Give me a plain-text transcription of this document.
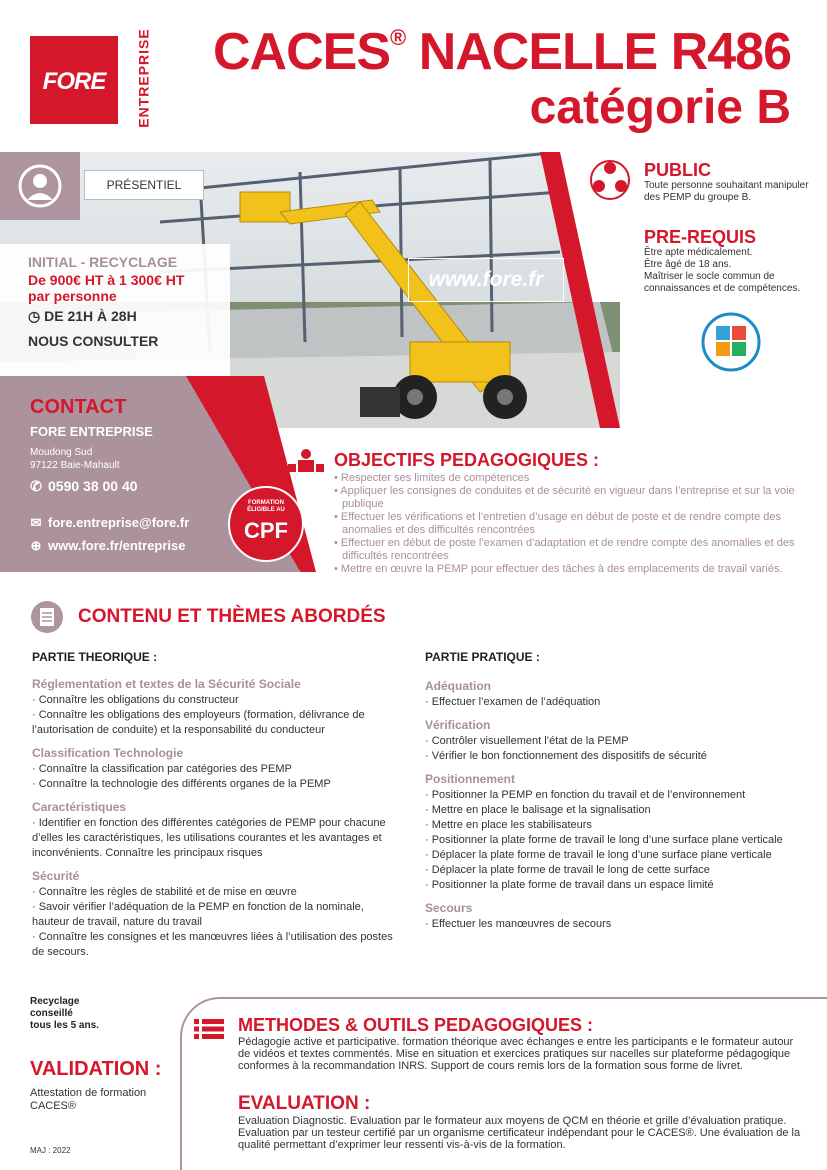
FORE	ENTREPRISE CACES® NACELLE R486
catégorie B
PRÉSENTIEL
INITIAL - RECYCLAGE
De 900€ HT à 1 300€ HT
par personne
◷ DE 21H À 28H
NOUS CONSULTER
www.fore.fr
CONTACT
FORE ENTREPRISE
Moudong Sud
97122 Baie-Mahault
✆ 0590 38 00 40
✉ fore.entreprise@fore.fr
⊕ www.fore.fr/entreprise
FORMATION
ÉLIGIBLE AU
CPF
PUBLIC
Toute personne souhaitant manipuler des PEMP du groupe B.
PRE-REQUIS
Être apte médicalement.
Être âgé de 18 ans.
Maîtriser le socle commun de connaissances et de compétences.
OBJECTIFS PEDAGOGIQUES :
• Respecter ses limites de compétences
• Appliquer les consignes de conduites et de sécurité en vigueur dans l’entreprise et sur la voie publique
• Effectuer les vérifications et l’entretien d’usage en début de poste et de rendre compte des anomalies et des difficultés rencontrées
• Effectuer en début de poste l’examen d’adaptation et de rendre compte des anomalies et des difficultés rencontrées
• Mettre en œuvre la PEMP pour effectuer des tâches à des emplacements de travail variés.
CONTENU ET THÈMES ABORDÉS
PARTIE THEORIQUE :	PARTIE PRATIQUE :
Réglementation et textes de la Sécurité Sociale
· Connaître les obligations du constructeur
· Connaître les obligations des employeurs (formation, délivrance de l’autorisation de conduite) et la responsabilité du conducteur
Classification Technologie
· Connaître la classification par catégories des PEMP
· Connaître la technologie des différents organes de la PEMP
Caractéristiques
· Identifier en fonction des différentes catégories de PEMP pour chacune d’elles les caractéristiques, les utilisations courantes et les avantages et inconvénients. Connaître les principaux risques
Sécurité
· Connaître les règles de stabilité et de mise en œuvre
· Savoir vérifier l’adéquation de la PEMP en fonction de la nominale, hauteur de travail, nature du travail
· Connaître les consignes et les manœuvres liées à l’utilisation des postes de secours.
Adéquation
· Effectuer l’examen de l’adéquation
Vérification
· Contrôler visuellement l’état de la PEMP
· Vérifier le bon fonctionnement des dispositifs de sécurité
Positionnement
· Positionner la PEMP en fonction du travail et de l’environnement
· Mettre en place le balisage et la signalisation
· Mettre en place les stabilisateurs
· Positionner la plate forme de travail le long d’une surface plane verticale
· Déplacer la plate forme de travail le long d’une surface plane verticale
· Déplacer la plate forme de travail le long de cette surface
· Positionner la plate forme de travail dans un espace limité
Secours
· Effectuer les manœuvres de secours
Recyclage
conseillé
tous les 5 ans.
VALIDATION :
Attestation de formation
CACES®
MAJ : 2022
METHODES & OUTILS PEDAGOGIQUES :
Pédagogie active et participative. formation théorique avec échanges e entre les participants e le formateur autour de vidéos et textes commentés. Mise en situation et exercices pratiques sur nacelles sur plateforme pédagogique conformes à la recommandation INRS. Support de cours remis lors de la formation sous forme de livret.
EVALUATION :
Evaluation Diagnostic. Evaluation par le formateur aux moyens de QCM en théorie et grille d’évaluation pratique. Evaluation par un testeur certifié par un organisme certificateur indépendant pour le CACES®. Une évaluation de la qualité permettant d’exprimer leur ressenti vis-à-vis de la formation.
